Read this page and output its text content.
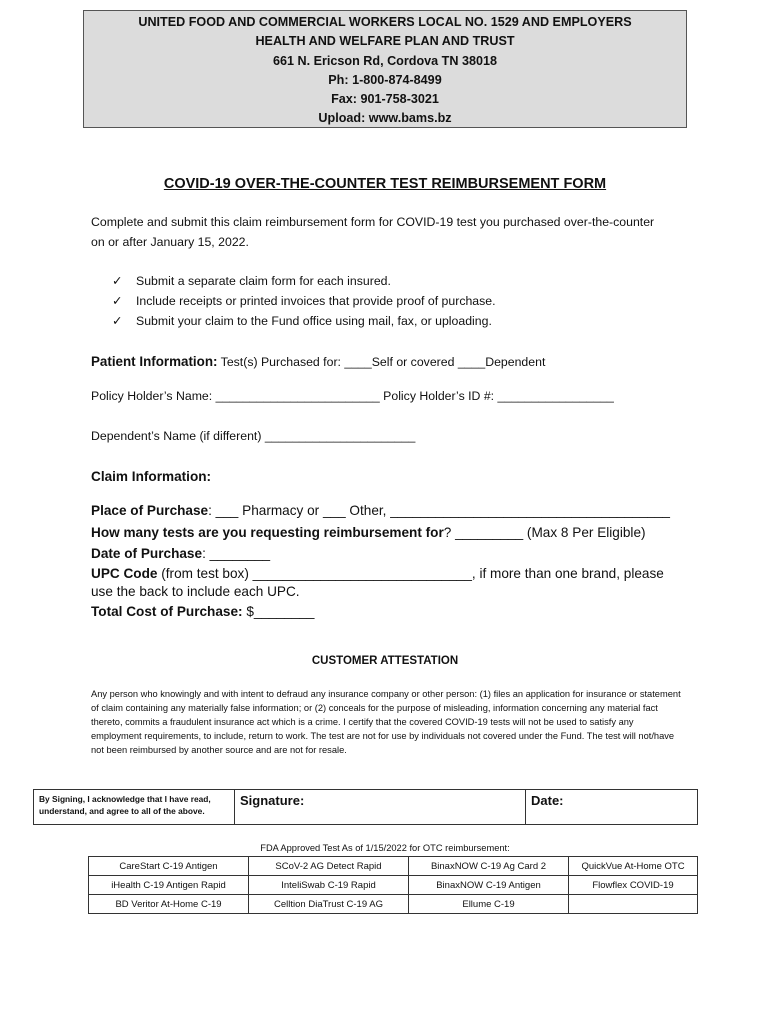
UNITED FOOD AND COMMERCIAL WORKERS LOCAL NO. 1529 AND EMPLOYERS
HEALTH AND WELFARE PLAN AND TRUST
661 N. Ericson Rd, Cordova TN 38018
Ph: 1-800-874-8499
Fax: 901-758-3021
Upload: www.bams.bz
COVID-19 OVER-THE-COUNTER TEST REIMBURSEMENT FORM
Complete and submit this claim reimbursement form for COVID-19 test you purchased over-the-counter
on or after January 15, 2022.
✓ Submit a separate claim form for each insured.
✓ Include receipts or printed invoices that provide proof of purchase.
✓ Submit your claim to the Fund office using mail, fax, or uploading.
Patient Information: Test(s) Purchased for: ____Self or covered ____Dependent
Policy Holder’s Name: ________________________ Policy Holder’s ID #: _________________
Dependent’s Name (if different) ______________________
Claim Information:
Place of Purchase: ___ Pharmacy or ___ Other, _____________________________________
How many tests are you requesting reimbursement for? _________ (Max 8 Per Eligible)
Date of Purchase: ________
UPC Code (from test box) _____________________________, if more than one brand, please
use the back to include each UPC.
Total Cost of Purchase: $________
CUSTOMER ATTESTATION
Any person who knowingly and with intent to defraud any insurance company or other person: (1) files an application for insurance or statement of claim containing any materially false information; or (2) conceals for the purpose of misleading, information concerning any material fact thereto, commits a fraudulent insurance act which is a crime. I certify that the covered COVID-19 tests will not be used to satisfy any employment requirements, to include, return to work. The test are not for use by individuals not covered under the Fund. The test will not/have not been reimbursed by another source and are not for resale.
By Signing, I acknowledge that I have read, understand, and agree to all of the above.	Signature:	Date:
FDA Approved Test As of 1/15/2022 for OTC reimbursement:
CareStart C-19 Antigen	SCoV-2 AG Detect Rapid	BinaxNOW C-19 Ag Card 2	QuickVue At-Home OTC
iHealth C-19 Antigen Rapid	InteliSwab C-19 Rapid	BinaxNOW C-19 Antigen	Flowflex COVID-19
BD Veritor At-Home C-19	Celltion DiaTrust C-19 AG	Ellume C-19	
